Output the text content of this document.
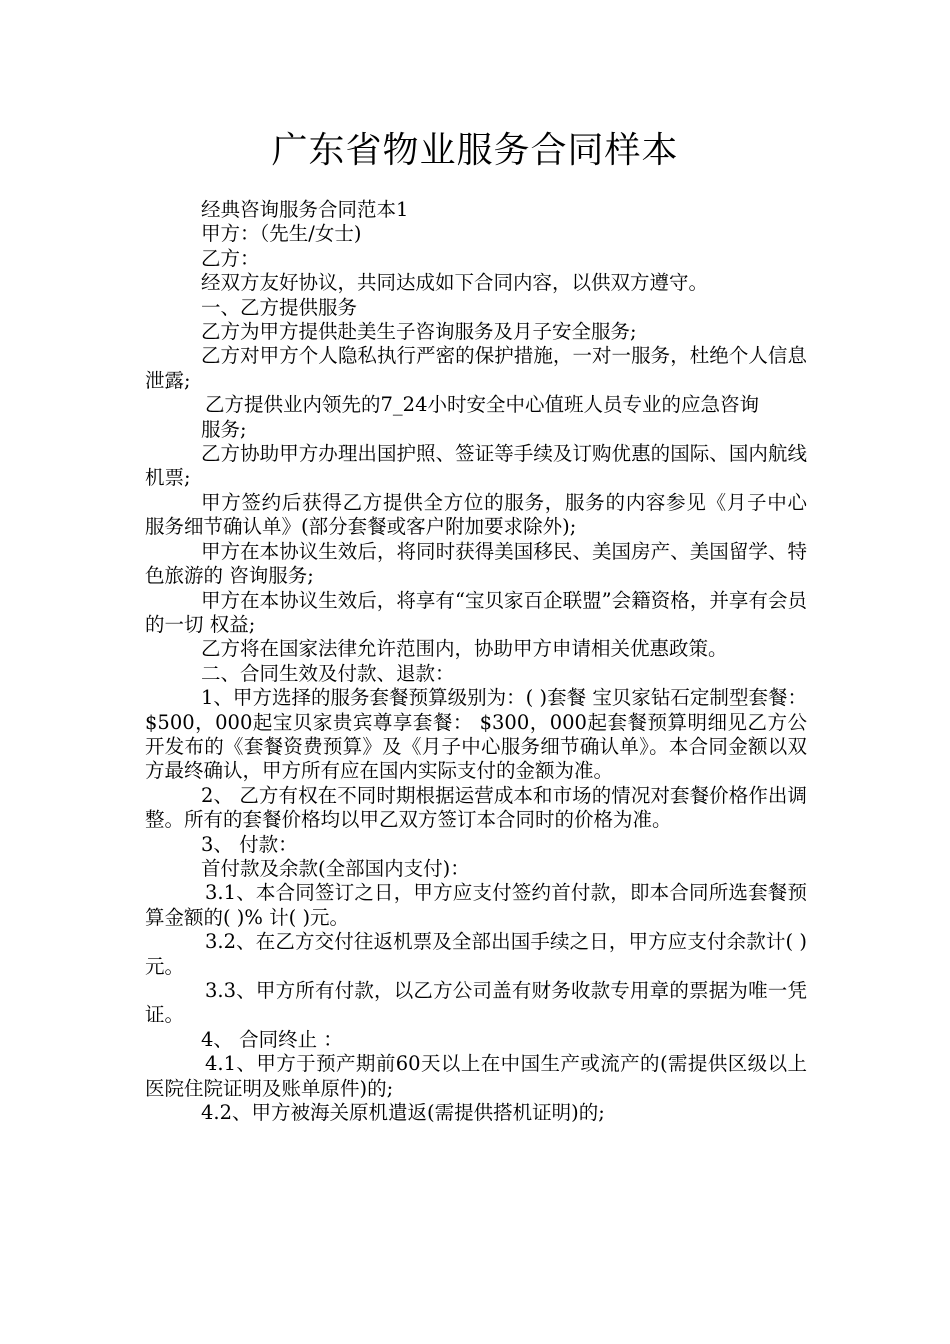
广东省物业服务合同样本

经典咨询服务合同范本1

甲方：（先生/女士)

乙方：

经双方友好协议，共同达成如下合同内容，以供双方遵守。

一、乙方提供服务

乙方为甲方提供赴美生子咨询服务及月子安全服务;

乙方对甲方个人隐私执行严密的保护措施，一对一服务，杜绝个人信息泄露;

乙方提供业内领先的7_24小时安全中心值班人员专业的应急咨询

服务;

乙方协助甲方办理出国护照、签证等手续及订购优惠的国际、国内航线机票;

甲方签约后获得乙方提供全方位的服务，服务的内容参见《月子中心 服务细节确认单》(部分套餐或客户附加要求除外);

甲方在本协议生效后，将同时获得美国移民、美国房产、美国留学、特色旅游的 咨询服务;

甲方在本协议生效后，将享有“宝贝家百企联盟”会籍资格，并享有会员的一切 权益;

乙方将在国家法律允许范围内，协助甲方申请相关优惠政策。

二、合同生效及付款、退款：

1、甲方选择的服务套餐预算级别为：( )套餐 宝贝家钻石定制型套餐： $500，000起宝贝家贵宾尊享套餐： $300，000起套餐预算明细见乙方公开发布的《套餐资费预算》及《月子中心服务细节确认单》。本合同金额以双方最终确认，甲方所有应在国内实际支付的金额为准。

2、 乙方有权在不同时期根据运营成本和市场的情况对套餐价格作出调整。所有的套餐价格均以甲乙双方签订本合同时的价格为准。

3、 付款：

首付款及余款(全部国内支付)：

3.1、本合同签订之日，甲方应支付签约首付款，即本合同所选套餐预算金额的( )% 计( )元。

3.2、在乙方交付往返机票及全部出国手续之日，甲方应支付余款计( )元。

3.3、甲方所有付款，以乙方公司盖有财务收款专用章的票据为唯一凭证。

4、 合同终止 ：

4.1、甲方于预产期前60天以上在中国生产或流产的(需提供区级以上医院住院证明及账单原件)的;

4.2、甲方被海关原机遣返(需提供搭机证明)的;
